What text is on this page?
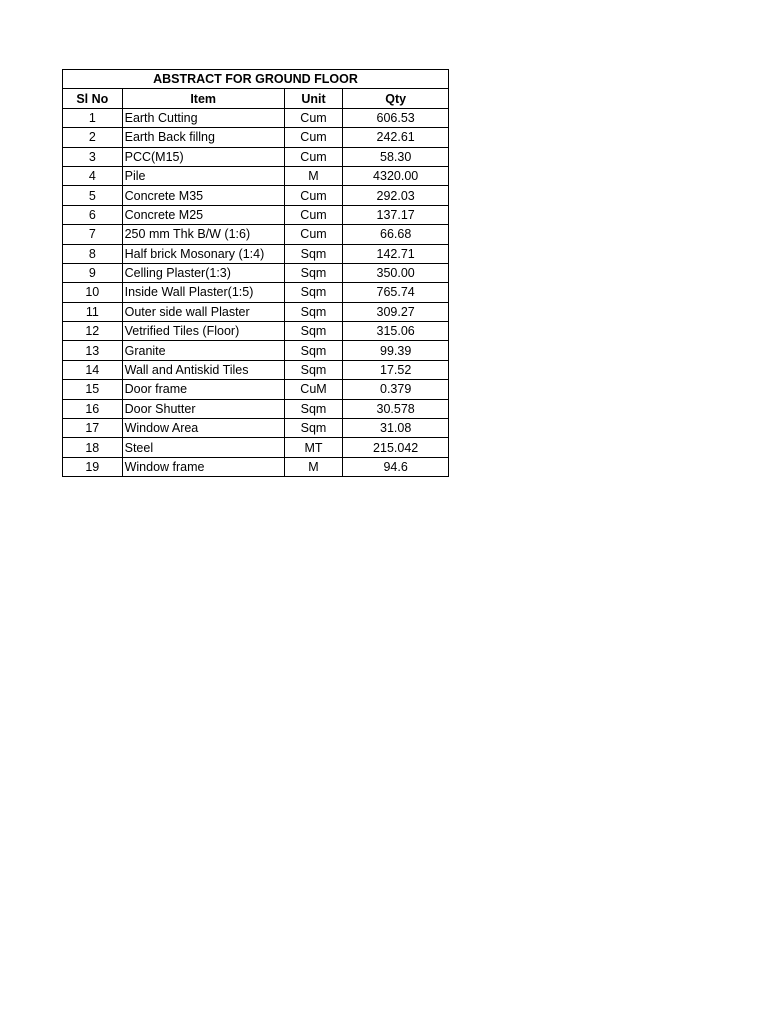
ABSTRACT FOR GROUND FLOOR			
Sl No	Item	Unit	Qty
1	Earth Cutting	Cum	606.53
2	Earth Back fillng	Cum	242.61
3	PCC(M15)	Cum	58.30
4	Pile	M	4320.00
5	Concrete M35	Cum	292.03
6	Concrete M25	Cum	137.17
7	250 mm Thk B/W (1:6)	Cum	66.68
8	Half brick Mosonary (1:4)	Sqm	142.71
9	Celling Plaster(1:3)	Sqm	350.00
10	Inside Wall Plaster(1:5)	Sqm	765.74
11	Outer side wall Plaster	Sqm	309.27
12	Vetrified Tiles (Floor)	Sqm	315.06
13	Granite	Sqm	99.39
14	Wall and Antiskid Tiles	Sqm	17.52
15	Door frame	CuM	0.379
16	Door Shutter	Sqm	30.578
17	Window Area	Sqm	31.08
18	Steel	MT	215.042
19	Window frame	M	94.6
